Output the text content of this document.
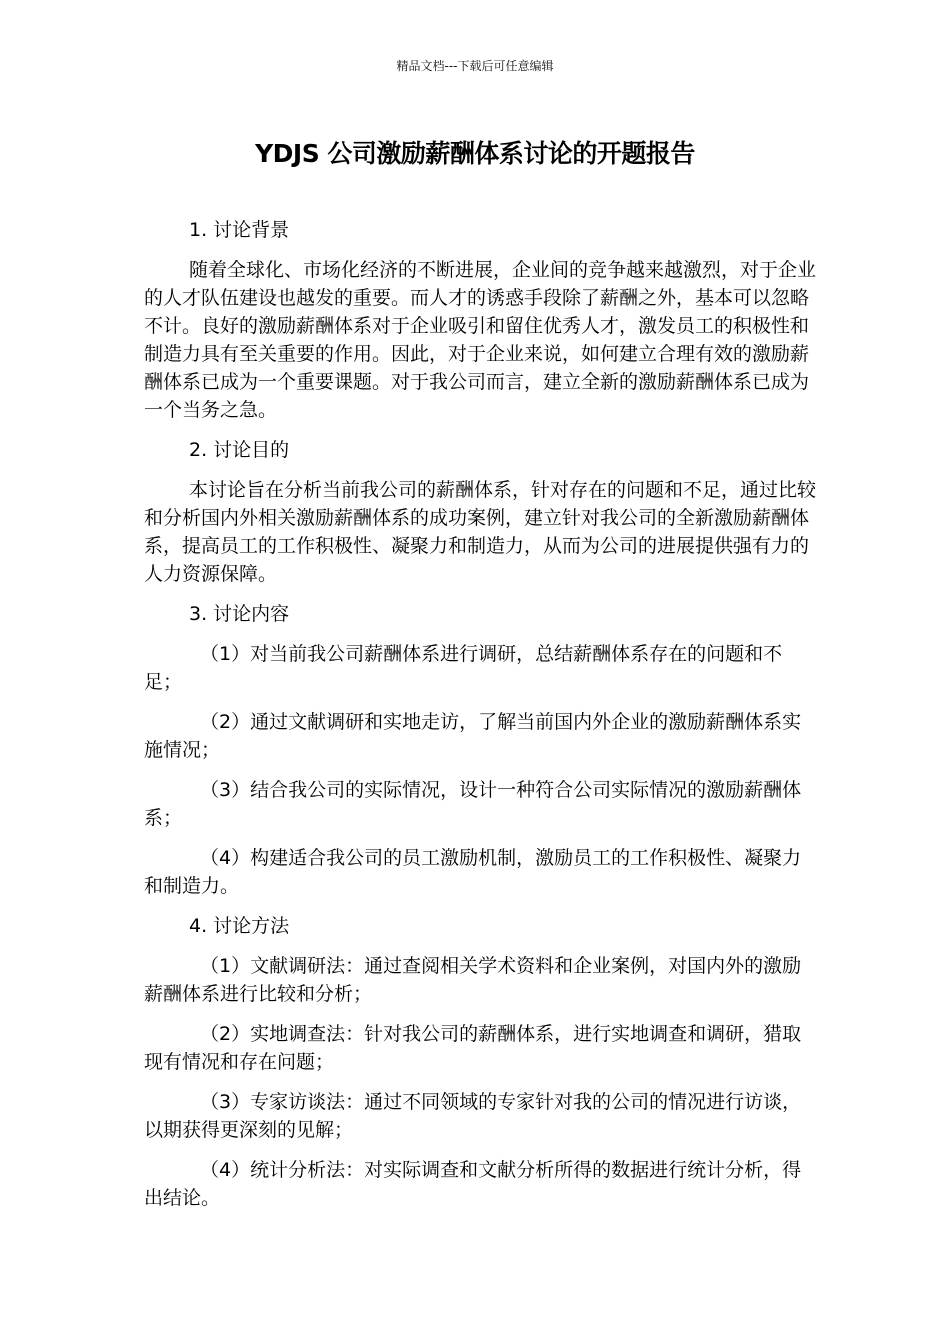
精品文档---下载后可任意编辑
YDJS 公司激励薪酬体系讨论的开题报告

1. 讨论背景

随着全球化、市场化经济的不断进展，企业间的竞争越来越激烈，对于企业的人才队伍建设也越发的重要。而人才的诱惑手段除了薪酬之外，基本可以忽略不计。良好的激励薪酬体系对于企业吸引和留住优秀人才，激发员工的积极性和制造力具有至关重要的作用。因此，对于企业来说，如何建立合理有效的激励薪酬体系已成为一个重要课题。对于我公司而言，建立全新的激励薪酬体系已成为一个当务之急。

2. 讨论目的

本讨论旨在分析当前我公司的薪酬体系，针对存在的问题和不足，通过比较和分析国内外相关激励薪酬体系的成功案例，建立针对我公司的全新激励薪酬体系，提高员工的工作积极性、凝聚力和制造力，从而为公司的进展提供强有力的人力资源保障。

3. 讨论内容

（1）对当前我公司薪酬体系进行调研，总结薪酬体系存在的问题和不足；

（2）通过文献调研和实地走访，了解当前国内外企业的激励薪酬体系实施情况；

（3）结合我公司的实际情况，设计一种符合公司实际情况的激励薪酬体系；

（4）构建适合我公司的员工激励机制，激励员工的工作积极性、凝聚力和制造力。

4. 讨论方法

（1）文献调研法：通过查阅相关学术资料和企业案例，对国内外的激励薪酬体系进行比较和分析；

（2）实地调查法：针对我公司的薪酬体系，进行实地调查和调研，猎取现有情况和存在问题；

（3）专家访谈法：通过不同领域的专家针对我的公司的情况进行访谈，以期获得更深刻的见解；

（4）统计分析法：对实际调查和文献分析所得的数据进行统计分析，得出结论。
